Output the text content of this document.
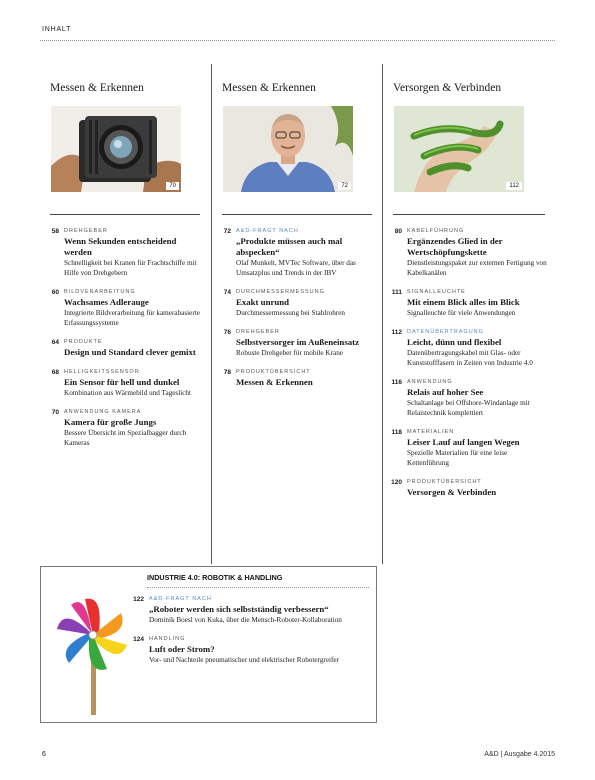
INHALT
Messen & Erkennen
70
58 DREHGEBER
Wenn Sekunden entscheidend werden
Schnelligkeit bei Kranen für Frachtschiffe mit Hilfe von Drehgebern
60 BILDVERARBEITUNG
Wachsames Adlerauge
Integrierte Bildverarbeitung für kamerabasierte Erfassungssysteme
64 PRODUKTE
Design und Standard clever gemixt
68 HELLIGKEITSSENSOR
Ein Sensor für hell und dunkel
Kombination aus Wärmebild und Tageslicht
70 ANWENDUNG KAMERA
Kamera für große Jungs
Bessere Übersicht im Spezialbagger durch Kameras
Messen & Erkennen
72
72 A&D-FRAGT NACH
„Produkte müssen auch mal abspecken“
Olaf Munkelt, MVTec Software, über das Umsatzplus und Trends in der IBV
74 DURCHMESSERMESSUNG
Exakt unrund
Durchmessermessung bei Stahlrohren
76 DREHGEBER
Selbstversorger im Außeneinsatz
Robuste Drehgeber für mobile Krane
78 PRODUKTÜBERSICHT
Messen & Erkennen
Versorgen & Verbinden
112
80 KABELFÜHRUNG
Ergänzendes Glied in der Wertschöpfungskette
Dienstleistungspaket zur externen Fertigung von Kabelkanälen
111 SIGNALLEUCHTE
Mit einem Blick alles im Blick
Signalleuchte für viele Anwendungen
112 DATENÜBERTRAGUNG
Leicht, dünn und flexibel
Datenübertragungskabel mit Glas- oder Kunststofffasern in Zeiten von Industrie 4.0
116 ANWENDUNG
Relais auf hoher See
Schaltanlage bei Offshore-Windanlage mit Relaistechnik komplettiert
118 MATERIALIEN
Leiser Lauf auf langen Wegen
Spezielle Materialien für eine leise Kettenführung
120 PRODUKTÜBERSICHT
Versorgen & Verbinden
INDUSTRIE 4.0: ROBOTIK & HANDLING
122 A&D-FRAGT NACH
„Roboter werden sich selbstständig verbessern“
Dominik Boesl von Kuka, über die Mensch-Roboter-Kollaboration
124 HANDLING
Luft oder Strom?
Vor- und Nachteile pneumatischer und elektrischer Robotergreifer
6	A&D | Ausgabe 4.2015
